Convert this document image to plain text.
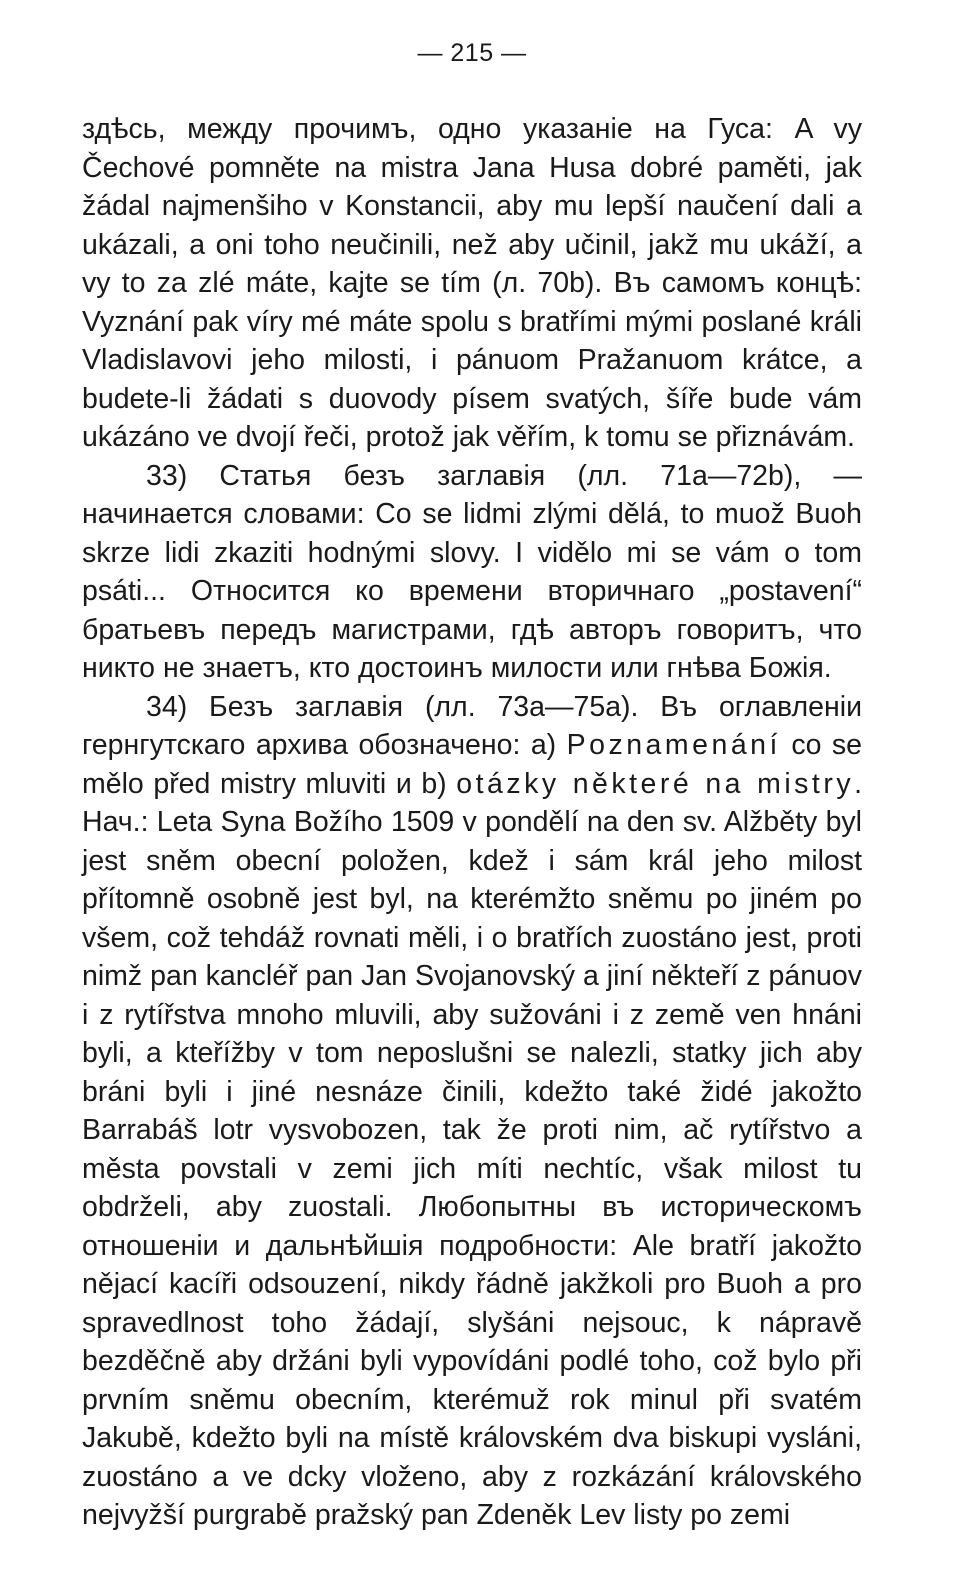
— 215 —

здѣсь, между прочимъ, одно указаніе на Гуса: A vy Čechové pomněte na mistra Jana Husa dobré paměti, jak žádal najmenšiho v Konstancii, aby mu lepší naučení dali a ukázali, a oni toho neučinili, než aby učinil, jakž mu ukáží, a vy to za zlé máte, kajte se tím (л. 70b). Въ самомъ концѣ: Vyznání pak víry mé máte spolu s bratřími mými poslané králi Vladislavovi jeho milosti, i pánuom Pražanuom krátce, a budete-li žádati s duovody písem svatých, šíře bude vám ukázáno ve dvojí řeči, protož jak věřím, k tomu se přiznávám.

33) Статья безъ заглавія (лл. 71a—72b), — начинается словами: Co se lidmi zlými dělá, to muož Buoh skrze lidi zkaziti hodnými slovy. I vidělo mi se vám o tom psáti... Относится ко времени вторичнаго „postavení“ братьевъ передъ магистрами, гдѣ авторъ говоритъ, что никто не знаетъ, кто достоинъ милости или гнѣва Божія.

34) Безъ заглавія (лл. 73a—75a). Въ оглавленіи гернгутскаго архива обозначено: a) Poznamenání co se mělo před mistry mluviti и b) otázky některé na mistry. Нач.: Leta Syna Božího 1509 v pondělí na den sv. Alžběty byl jest sněm obecní položen, kdež i sám král jeho milost přítomně osobně jest byl, na kterémžto sněmu po jiném po všem, což tehdáž rovnati měli, i o bratřích zuostáno jest, proti nimž pan kancléř pan Jan Svojanovský a jiní někteří z pánuov i z rytířstva mnoho mluvili, aby sužováni i z země ven hnáni byli, a kteřížby v tom neposlušni se nalezli, statky jich aby bráni byli i jiné nesnáze činili, kdežto také židé jakožto Barrabáš lotr vysvobozen, tak že proti nim, ač rytířstvo a města povstali v zemi jich míti nechtíc, však milost tu obdrželi, aby zuostali. Любопытны въ историческомъ отношеніи и дальнѣйшія подробности: Ale bratří jakožto nějací kacíři odsouzení, nikdy řádně jakžkoli pro Buoh a pro spravedlnost toho žádají, slyšáni nejsouc, k nápravě bezděčně aby držáni byli vypovídáni podlé toho, což bylo při prvním sněmu obecním, kterémuž rok minul při svatém Jakubě, kdežto byli na místě královském dva biskupi vysláni, zuostáno a ve dcky vloženo, aby z rozkázání královského nejvyžší purgrabě pražský pan Zdeněk Lev listy po zemi
